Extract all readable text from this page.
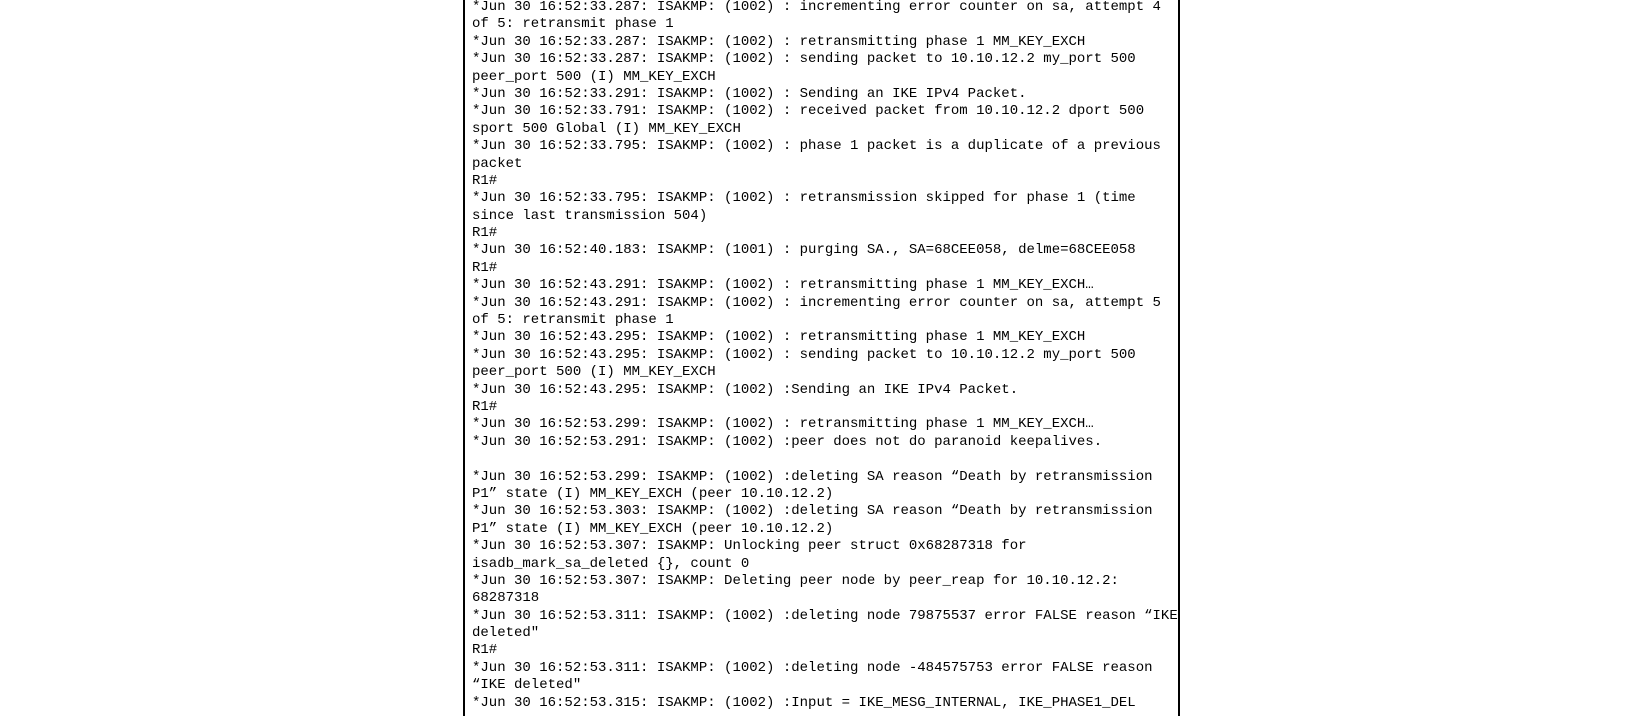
*Jun 30 16:52:33.287: ISAKMP: (1002) : incrementing error counter on sa, attempt 4
of 5: retransmit phase 1
*Jun 30 16:52:33.287: ISAKMP: (1002) : retransmitting phase 1 MM_KEY_EXCH
*Jun 30 16:52:33.287: ISAKMP: (1002) : sending packet to 10.10.12.2 my_port 500
peer_port 500 (I) MM_KEY_EXCH
*Jun 30 16:52:33.291: ISAKMP: (1002) : Sending an IKE IPv4 Packet.
*Jun 30 16:52:33.791: ISAKMP: (1002) : received packet from 10.10.12.2 dport 500
sport 500 Global (I) MM_KEY_EXCH
*Jun 30 16:52:33.795: ISAKMP: (1002) : phase 1 packet is a duplicate of a previous
packet
R1#
*Jun 30 16:52:33.795: ISAKMP: (1002) : retransmission skipped for phase 1 (time
since last transmission 504)
R1#
*Jun 30 16:52:40.183: ISAKMP: (1001) : purging SA., SA=68CEE058, delme=68CEE058
R1#
*Jun 30 16:52:43.291: ISAKMP: (1002) : retransmitting phase 1 MM_KEY_EXCH…
*Jun 30 16:52:43.291: ISAKMP: (1002) : incrementing error counter on sa, attempt 5
of 5: retransmit phase 1
*Jun 30 16:52:43.295: ISAKMP: (1002) : retransmitting phase 1 MM_KEY_EXCH
*Jun 30 16:52:43.295: ISAKMP: (1002) : sending packet to 10.10.12.2 my_port 500
peer_port 500 (I) MM_KEY_EXCH
*Jun 30 16:52:43.295: ISAKMP: (1002) :Sending an IKE IPv4 Packet.
R1#
*Jun 30 16:52:53.299: ISAKMP: (1002) : retransmitting phase 1 MM_KEY_EXCH…
*Jun 30 16:52:53.291: ISAKMP: (1002) :peer does not do paranoid keepalives.
*Jun 30 16:52:53.299: ISAKMP: (1002) :deleting SA reason “Death by retransmission
P1” state (I) MM_KEY_EXCH (peer 10.10.12.2)
*Jun 30 16:52:53.303: ISAKMP: (1002) :deleting SA reason “Death by retransmission
P1” state (I) MM_KEY_EXCH (peer 10.10.12.2)
*Jun 30 16:52:53.307: ISAKMP: Unlocking peer struct 0x68287318 for
isadb_mark_sa_deleted {}, count 0
*Jun 30 16:52:53.307: ISAKMP: Deleting peer node by peer_reap for 10.10.12.2:
68287318
*Jun 30 16:52:53.311: ISAKMP: (1002) :deleting node 79875537 error FALSE reason “IKE
deleted"
R1#
*Jun 30 16:52:53.311: ISAKMP: (1002) :deleting node -484575753 error FALSE reason
“IKE deleted"
*Jun 30 16:52:53.315: ISAKMP: (1002) :Input = IKE_MESG_INTERNAL, IKE_PHASE1_DEL
